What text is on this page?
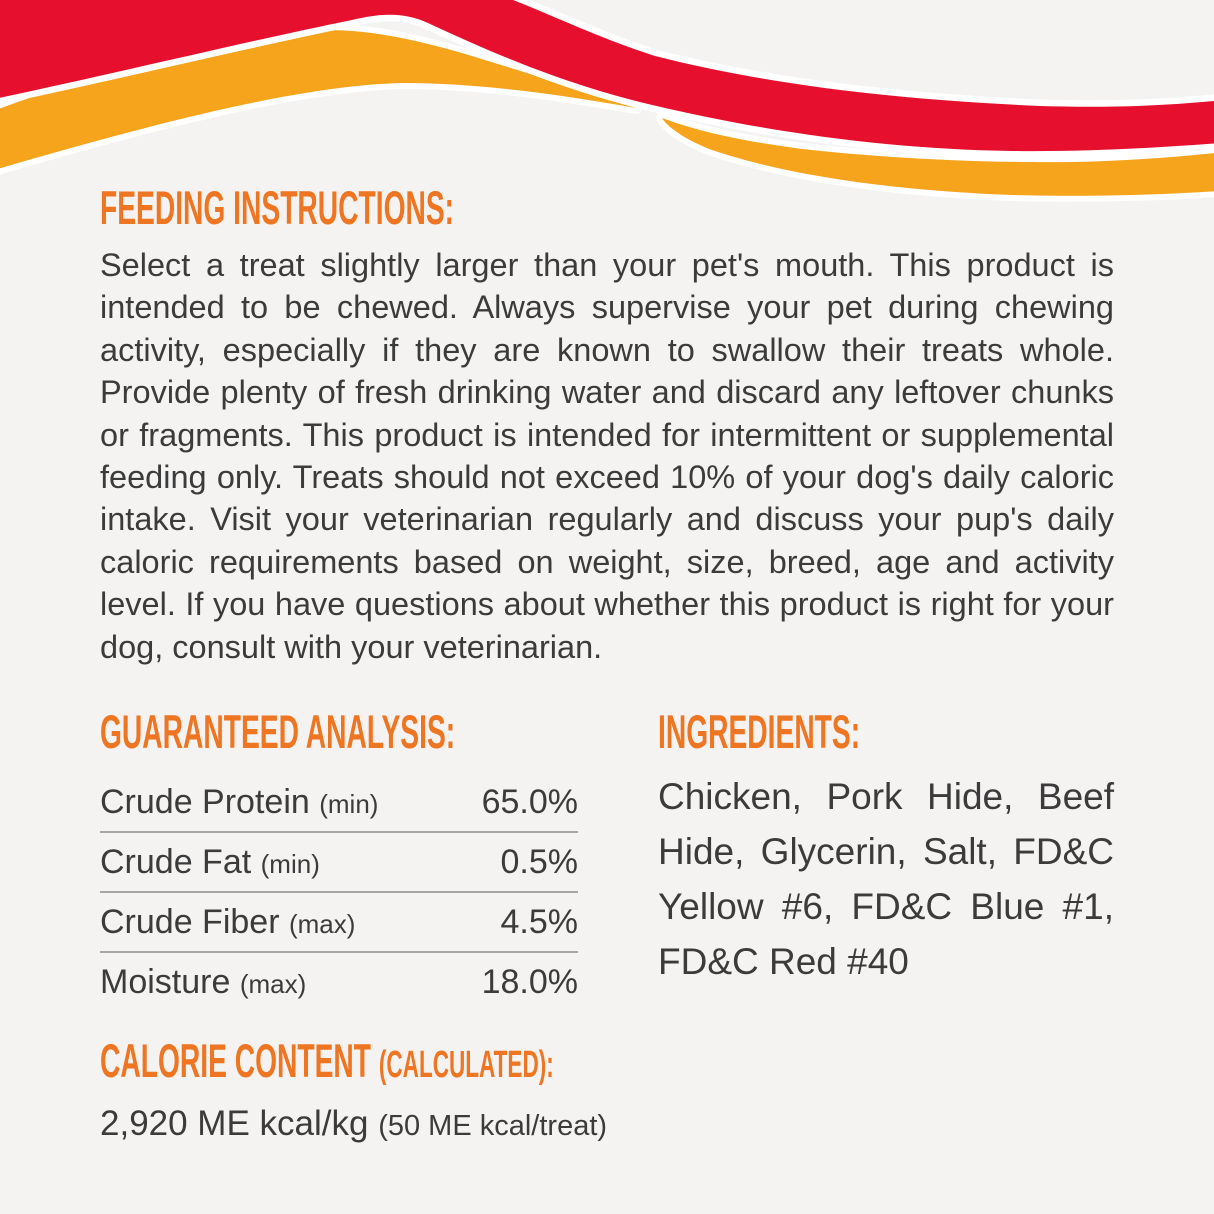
FEEDING INSTRUCTIONS:

Select a treat slightly larger than your pet's mouth. This product is intended to be chewed. Always supervise your pet during chewing activity, especially if they are known to swallow their treats whole. Provide plenty of fresh drinking water and discard any leftover chunks or fragments. This product is intended for intermittent or supplemental feeding only. Treats should not exceed 10% of your dog's daily caloric intake. Visit your veterinarian regularly and discuss your pup's daily caloric requirements based on weight, size, breed, age and activity level. If you have questions about whether this product is right for your dog, consult with your veterinarian.

GUARANTEED ANALYSIS:
Crude Protein (min)	65.0%
Crude Fat (min)	0.5%
Crude Fiber (max)	4.5%
Moisture (max)	18.0%
CALORIE CONTENT (CALCULATED):
2,920 ME kcal/kg (50 ME kcal/treat)
INGREDIENTS:

Chicken, Pork Hide, Beef Hide, Glycerin, Salt, FD&C Yellow #6, FD&C Blue #1, FD&C Red #40
